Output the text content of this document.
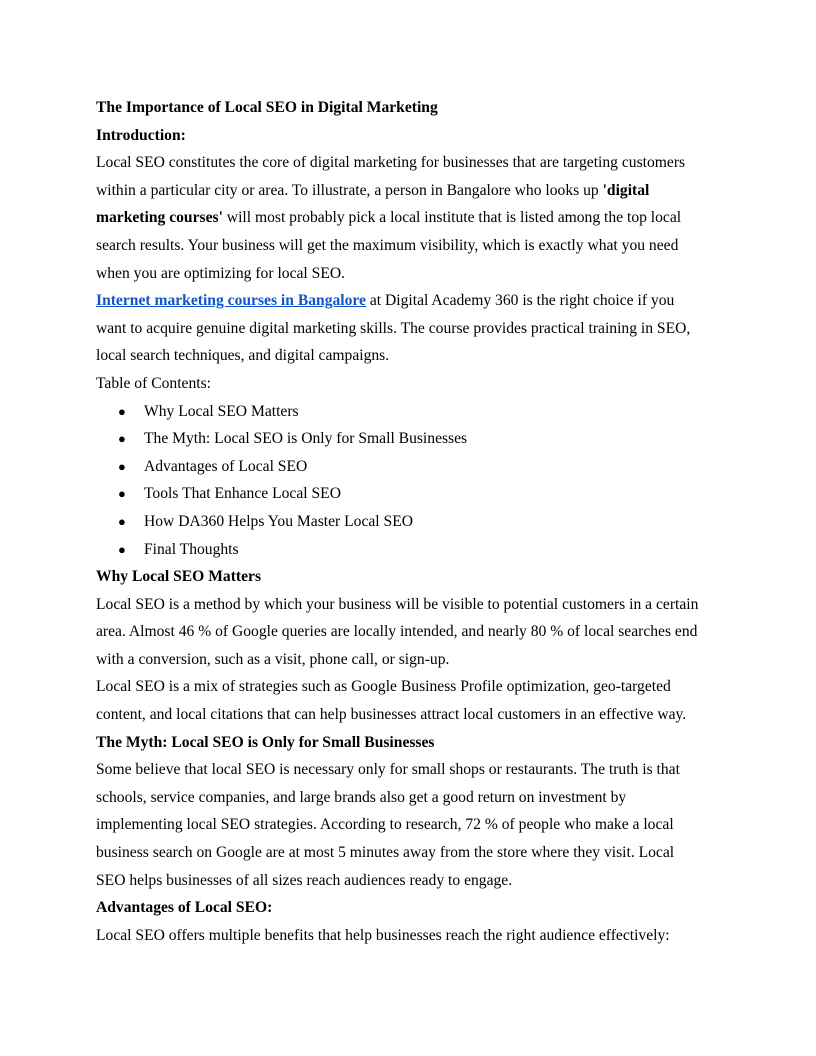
The Importance of Local SEO in Digital Marketing
Introduction:
Local SEO constitutes the core of digital marketing for businesses that are targeting customers
within a particular city or area. To illustrate, a person in Bangalore who looks up 'digital
marketing courses' will most probably pick a local institute that is listed among the top local
search results. Your business will get the maximum visibility, which is exactly what you need
when you are optimizing for local SEO.
Internet marketing courses in Bangalore at Digital Academy 360 is the right choice if you
want to acquire genuine digital marketing skills. The course provides practical training in SEO,
local search techniques, and digital campaigns.
Table of Contents:
● Why Local SEO Matters
● The Myth: Local SEO is Only for Small Businesses
● Advantages of Local SEO
● Tools That Enhance Local SEO
● How DA360 Helps You Master Local SEO
● Final Thoughts
Why Local SEO Matters
Local SEO is a method by which your business will be visible to potential customers in a certain
area. Almost 46 % of Google queries are locally intended, and nearly 80 % of local searches end
with a conversion, such as a visit, phone call, or sign-up.
Local SEO is a mix of strategies such as Google Business Profile optimization, geo-targeted
content, and local citations that can help businesses attract local customers in an effective way.
The Myth: Local SEO is Only for Small Businesses
Some believe that local SEO is necessary only for small shops or restaurants. The truth is that
schools, service companies, and large brands also get a good return on investment by
implementing local SEO strategies. According to research, 72 % of people who make a local
business search on Google are at most 5 minutes away from the store where they visit. Local
SEO helps businesses of all sizes reach audiences ready to engage.
Advantages of Local SEO:
Local SEO offers multiple benefits that help businesses reach the right audience effectively:
